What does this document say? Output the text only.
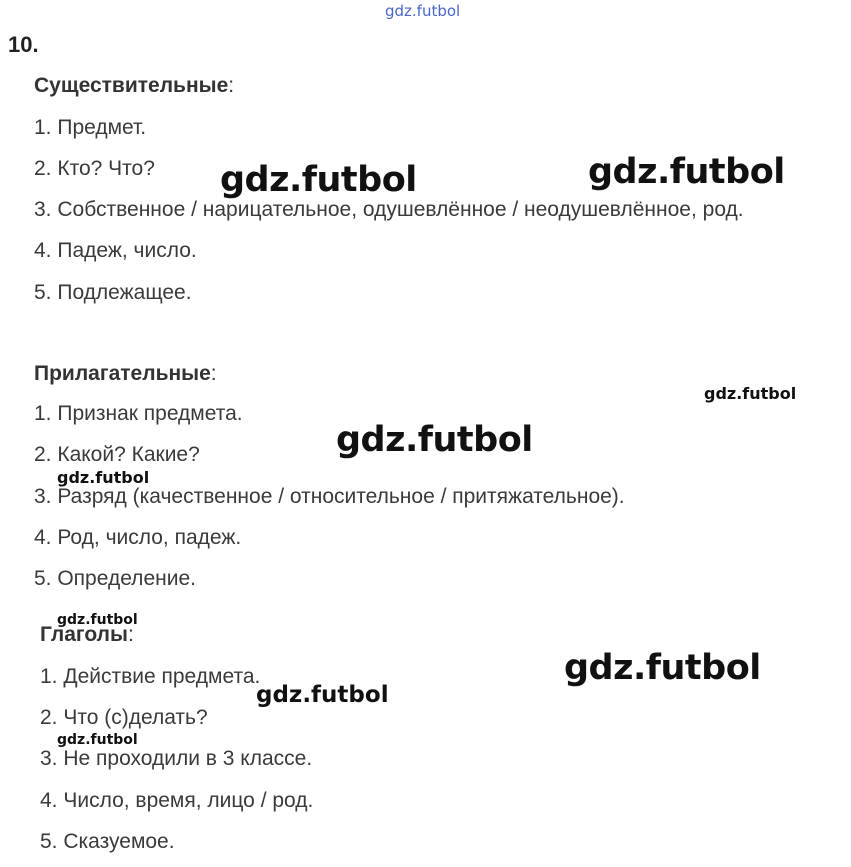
gdz.futbol
10.
Существительные:
1. Предмет.
2. Кто? Что?
3. Собственное / нарицательное, одушевлённое / неодушевлённое, род.
4. Падеж, число.
5. Подлежащее.
Прилагательные:
1. Признак предмета.
2. Какой? Какие?
3. Разряд (качественное / относительное / притяжательное).
4. Род, число, падеж.
5. Определение.
Глаголы:
1. Действие предмета.
2. Что (с)делать?
3. Не проходили в 3 классе.
4. Число, время, лицо / род.
5. Сказуемое.
gdz.futbol	gdz.futbol
gdz.futbol
gdz.futbol
gdz.futbol
gdz.futbol
gdz.futbol
gdz.futbol
gdz.futbol
